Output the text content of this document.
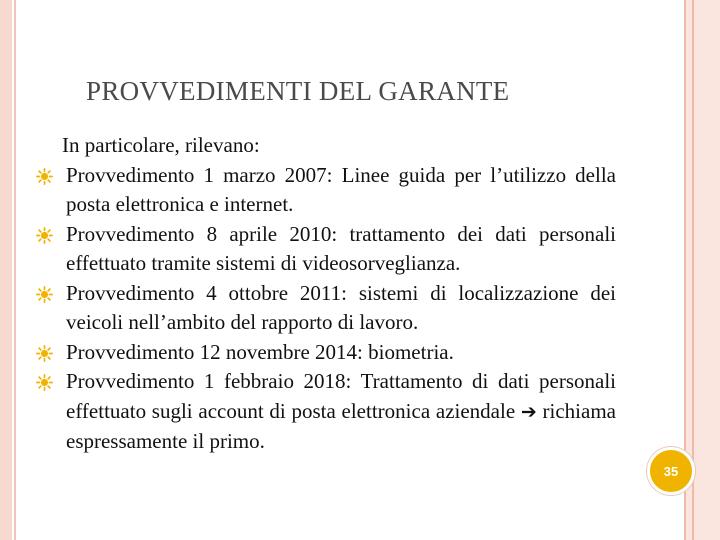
PROVVEDIMENTI DEL GARANTE
In particolare, rilevano:
Provvedimento 1 marzo 2007: Linee guida per l’utilizzo della posta elettronica e internet.
Provvedimento 8 aprile 2010: trattamento dei dati personali effettuato tramite sistemi di videosorveglianza.
Provvedimento 4 ottobre 2011: sistemi di localizzazione dei veicoli nell’ambito del rapporto di lavoro.
Provvedimento 12 novembre 2014: biometria.
Provvedimento 1 febbraio 2018: Trattamento di dati personali effettuato sugli account di posta elettronica aziendale ➔ richiama espressamente il primo.
35
